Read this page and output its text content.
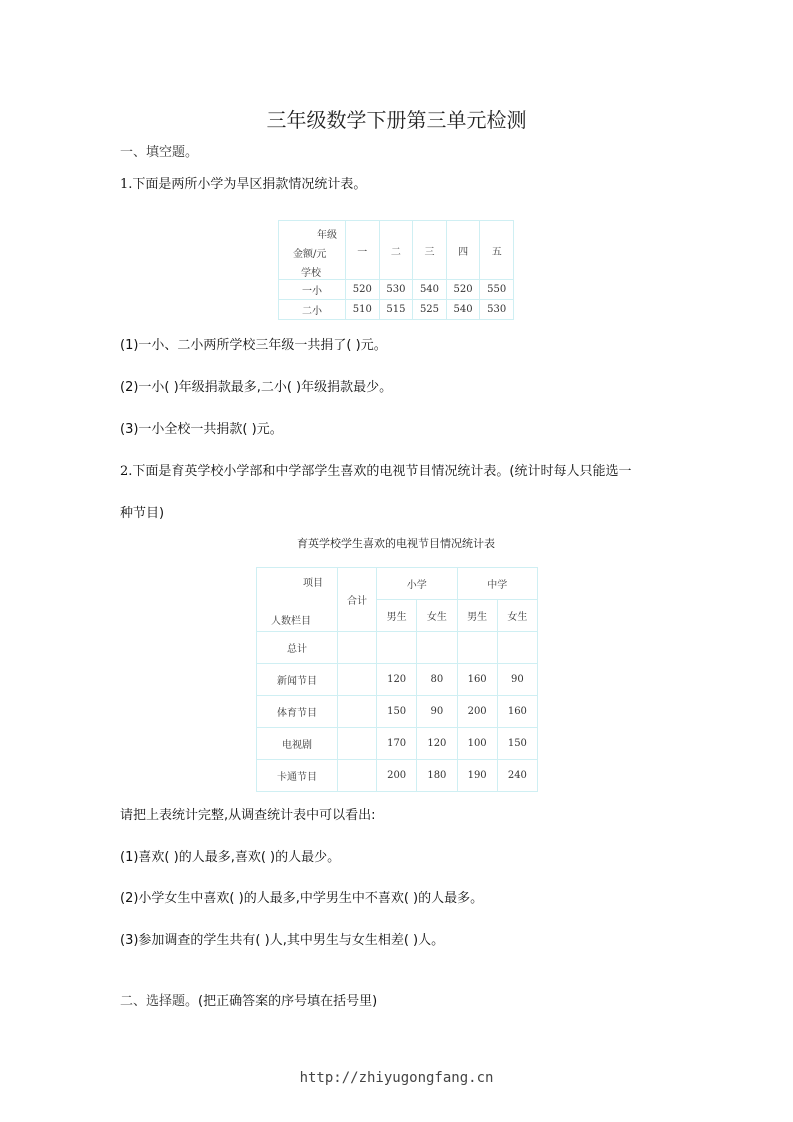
三年级数学下册第三单元检测
一、填空题。
1.下面是两所小学为旱区捐款情况统计表。
年级
金额/元
学校	一	二	三	四	五
一小	520	530	540	520	550
二小	510	515	525	540	530
(1)一小、二小两所学校三年级一共捐了( )元。
(2)一小( )年级捐款最多,二小( )年级捐款最少。
(3)一小全校一共捐款( )元。
2.下面是育英学校小学部和中学部学生喜欢的电视节目情况统计表。(统计时每人只能选一
种节目)
育英学校学生喜欢的电视节目情况统计表
项目
人数栏目	合计	小学		中学	
		男生	女生	男生	女生
总计					
新闻节目		120	80	160	90
体育节目		150	90	200	160
电视剧		170	120	100	150
卡通节目		200	180	190	240
请把上表统计完整,从调查统计表中可以看出:
(1)喜欢( )的人最多,喜欢( )的人最少。
(2)小学女生中喜欢( )的人最多,中学男生中不喜欢( )的人最多。
(3)参加调查的学生共有( )人,其中男生与女生相差( )人。
二、选择题。(把正确答案的序号填在括号里)
http://zhiyugongfang.cn
